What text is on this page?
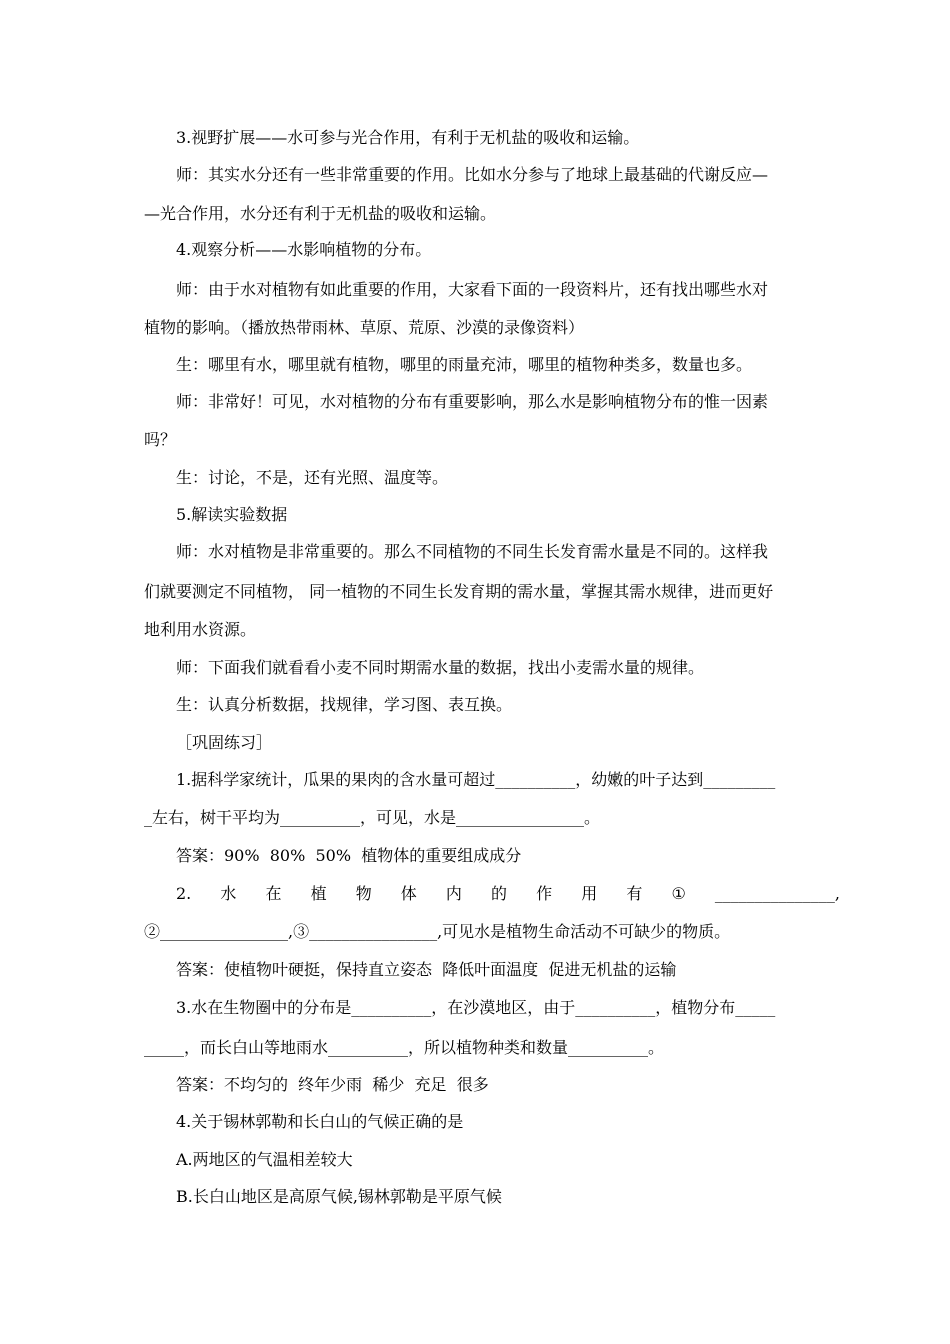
3.视野扩展——水可参与光合作用，有利于无机盐的吸收和运输。
师：其实水分还有一些非常重要的作用。比如水分参与了地球上最基础的代谢反应—
—光合作用，水分还有利于无机盐的吸收和运输。
4.观察分析——水影响植物的分布。
师：由于水对植物有如此重要的作用，大家看下面的一段资料片，还有找出哪些水对
植物的影响。（播放热带雨林、草原、荒原、沙漠的录像资料）
生：哪里有水，哪里就有植物，哪里的雨量充沛，哪里的植物种类多，数量也多。
师：非常好！可见，水对植物的分布有重要影响，那么水是影响植物分布的惟一因素
吗？
生：讨论，不是，还有光照、温度等。
5.解读实验数据
师：水对植物是非常重要的。那么不同植物的不同生长发育需水量是不同的。这样我
们就要测定不同植物， 同一植物的不同生长发育期的需水量，掌握其需水规律，进而更好
地利用水资源。
师：下面我们就看看小麦不同时期需水量的数据，找出小麦需水量的规律。
生：认真分析数据，找规律，学习图、表互换。
［巩固练习］
1.据科学家统计，瓜果的果肉的含水量可超过__________，幼嫩的叶子达到_________
_左右，树干平均为__________，可见，水是________________。
答案：90%  80%  50%  植物体的重要组成成分
2. 水 在 植 物 体 内 的 作 用 有 ① _______________,
②________________,③________________,可见水是植物生命活动不可缺少的物质。
答案：使植物叶硬挺，保持直立姿态  降低叶面温度  促进无机盐的运输
3.水在生物圈中的分布是__________，在沙漠地区，由于__________，植物分布_____
_____，而长白山等地雨水__________，所以植物种类和数量__________。
答案：不均匀的  终年少雨  稀少  充足  很多
4.关于锡林郭勒和长白山的气候正确的是
A.两地区的气温相差较大
B.长白山地区是高原气候,锡林郭勒是平原气候
